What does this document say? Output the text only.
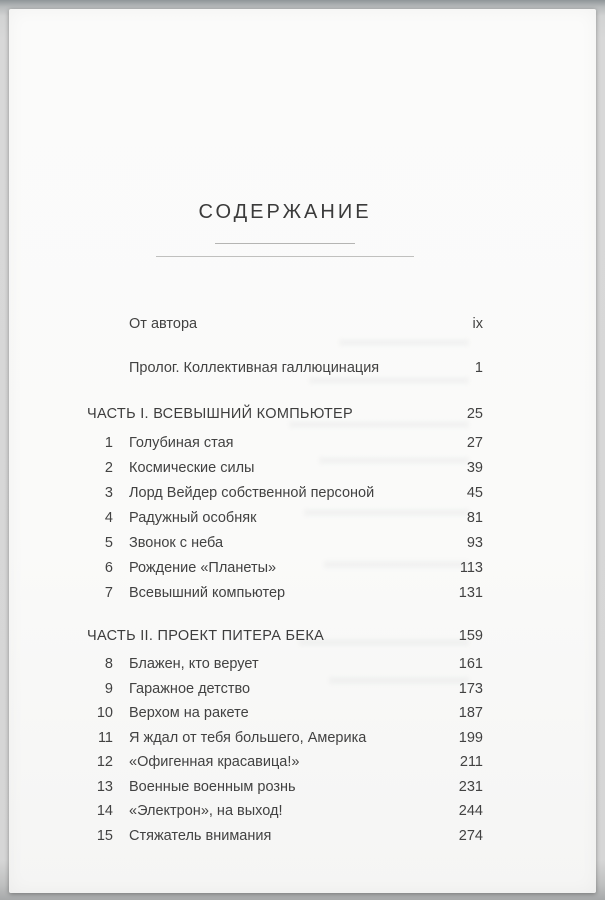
СОДЕРЖАНИЕ
От автора	ix
Пролог. Коллективная галлюцинация	1
ЧАСТЬ I. ВСЕВЫШНИЙ КОМПЬЮТЕР	25
1 Голубиная стая	27
2 Космические силы	39
3 Лорд Вейдер собственной персоной	45
4 Радужный особняк	81
5 Звонок с неба	93
6 Рождение «Планеты»	113
7 Всевышний компьютер	131
ЧАСТЬ II. ПРОЕКТ ПИТЕРА БЕКА	159
8 Блажен, кто верует	161
9 Гаражное детство	173
10 Верхом на ракете	187
11 Я ждал от тебя большего, Америка	199
12 «Офигенная красавица!»	211
13 Военные военным рознь	231
14 «Электрон», на выход!	244
15 Стяжатель внимания	274
